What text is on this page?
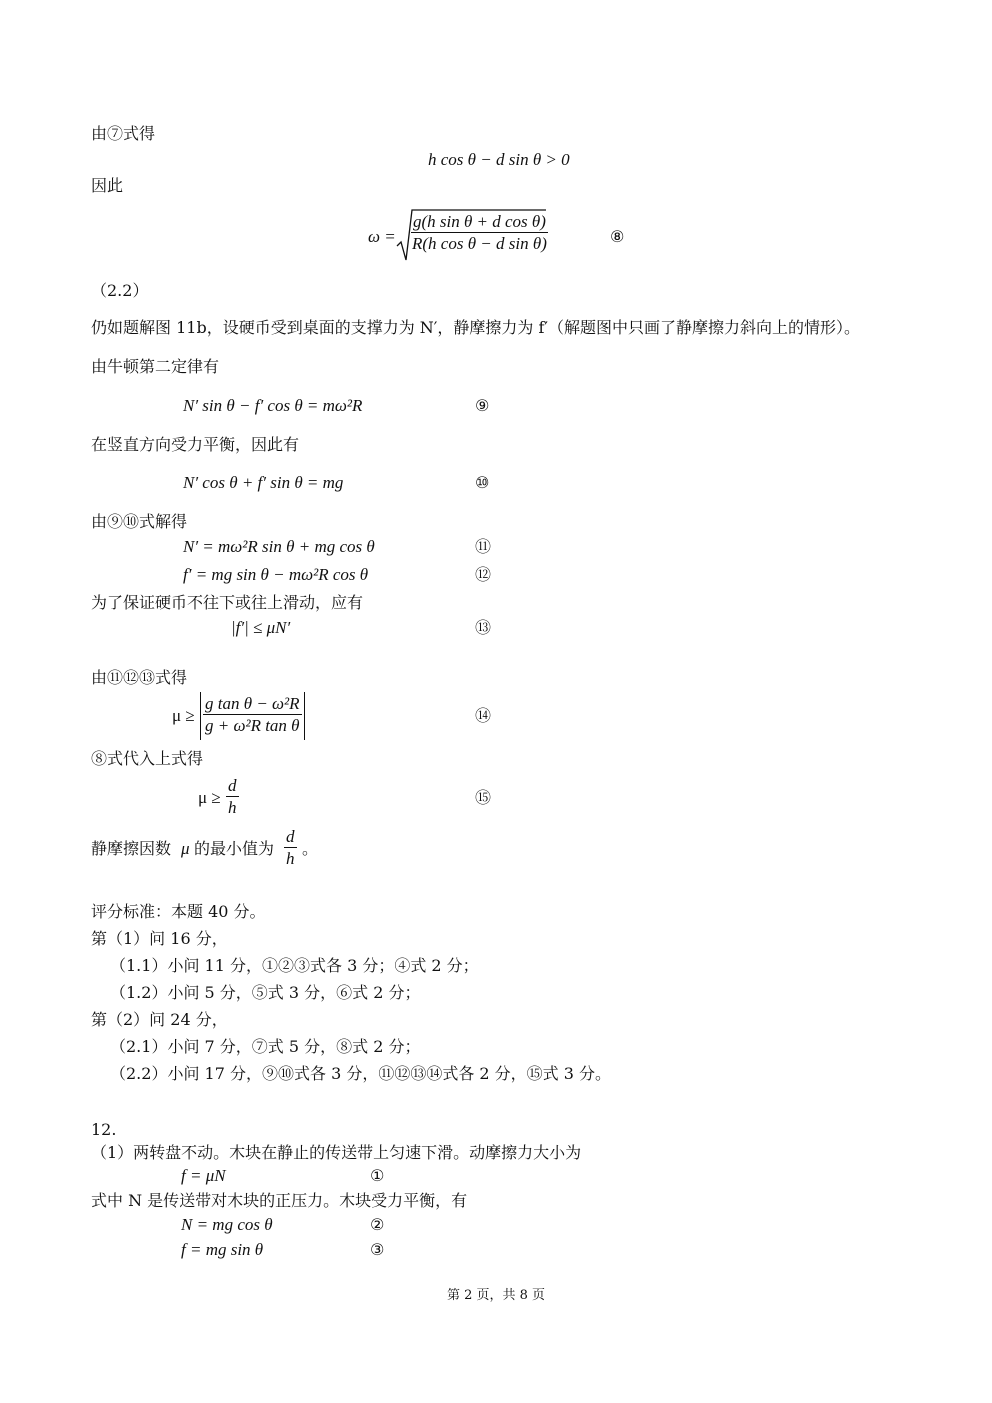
由⑦式得
h cos θ − d sin θ > 0
因此
$\omega = \frac{\text{g(h sin θ + d cos θ)}}{\text{R(h cos θ − d sin θ)}}$	⑧
（2.2）
仍如题解图 11b，设硬币受到桌面的支撑力为 N′，静摩擦力为 f′（解题图中只画了静摩擦力斜向上的情形）。
由牛顿第二定律有
N′ sin θ − f′ cos θ = mω²R	⑨
在竖直方向受力平衡，因此有
N′ cos θ + f′ sin θ = mg	⑩
由⑨⑩式解得
N′ = mω²R sin θ + mg cos θ	⑪
f′ = mg sin θ − mω²R cos θ	⑫
为了保证硬币不往下或往上滑动，应有
|f′| ≤ μN′	⑬
由⑪⑫⑬式得
$\mu \ge \frac{\text{g tan θ − ω²R}}{\text{g + ω²R tan θ}}$	⑭
⑧式代入上式得
$\mu \ge \frac{d}{h}$	⑮
静摩擦因数 μ 的最小值为 $\frac{d}{h}$ 。
评分标准：本题 40 分。
第（1）问 16 分，
（1.1）小问 11 分，①②③式各 3 分；④式 2 分；
（1.2）小问 5 分，⑤式 3 分，⑥式 2 分；
第（2）问 24 分，
（2.1）小问 7 分，⑦式 5 分，⑧式 2 分；
（2.2）小问 17 分，⑨⑩式各 3 分，⑪⑫⑬⑭式各 2 分，⑮式 3 分。
12.
（1）两转盘不动。木块在静止的传送带上匀速下滑。动摩擦力大小为
f = μN	①
式中 N 是传送带对木块的正压力。木块受力平衡，有
N = mg cos θ	②
f = mg sin θ	③
第 2 页，共 8 页
